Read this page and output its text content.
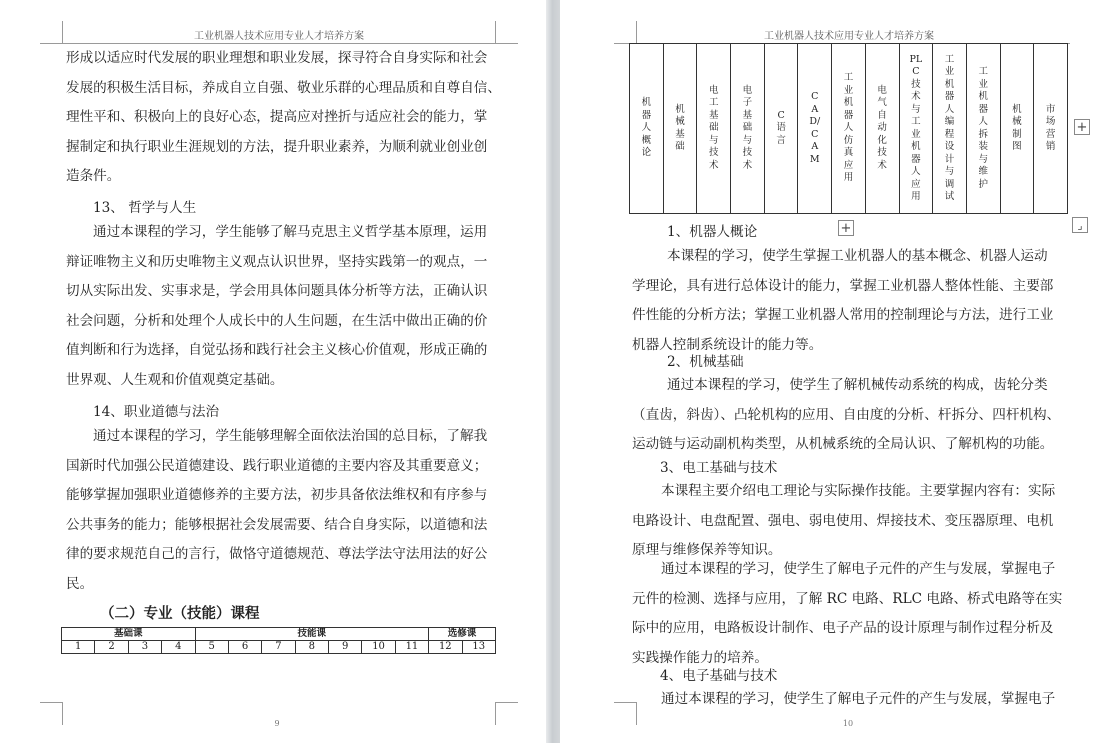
工业机器人技术应用专业人才培养方案
形成以适应时代发展的职业理想和职业发展，探寻符合自身实际和社会
发展的积极生活目标，养成自立自强、敬业乐群的心理品质和自尊自信、
理性平和、积极向上的良好心态，提高应对挫折与适应社会的能力，掌
握制定和执行职业生涯规划的方法，提升职业素养，为顺利就业创业创
造条件。
13、 哲学与人生
通过本课程的学习，学生能够了解马克思主义哲学基本原理，运用
辩证唯物主义和历史唯物主义观点认识世界，坚持实践第一的观点，一
切从实际出发、实事求是，学会用具体问题具体分析等方法，正确认识
社会问题，分析和处理个人成长中的人生问题，在生活中做出正确的价
值判断和行为选择，自觉弘扬和践行社会主义核心价值观，形成正确的
世界观、人生观和价值观奠定基础。
14、职业道德与法治
通过本课程的学习，学生能够理解全面依法治国的总目标，了解我
国新时代加强公民道德建设、践行职业道德的主要内容及其重要意义；
能够掌握加强职业道德修养的主要方法，初步具备依法维权和有序参与
公共事务的能力；能够根据社会发展需要、结合自身实际，以道德和法
律的要求规范自己的言行，做恪守道德规范、尊法学法守法用法的好公
民。
（二）专业（技能）课程
基础课				技能课							选修课	
1	2	3	4	5	6	7	8	9	10	11	12	13
9
工业机器人技术应用专业人才培养方案
1、机器人概论
本课程的学习，使学生掌握工业机器人的基本概念、机器人运动
学理论，具有进行总体设计的能力，掌握工业机器人整体性能、主要部
件性能的分析方法；掌握工业机器人常用的控制理论与方法，进行工业
机器人控制系统设计的能力等。
2、机械基础
通过本课程的学习，使学生了解机械传动系统的构成，齿轮分类
（直齿，斜齿）、凸轮机构的应用、自由度的分析、杆拆分、四杆机构、
运动链与运动副机构类型，从机械系统的全局认识、了解机构的功能。
3、电工基础与技术
本课程主要介绍电工理论与实际操作技能。主要掌握内容有：实际
电路设计、电盘配置、强电、弱电使用、焊接技术、变压器原理、电机
原理与维修保养等知识。
通过本课程的学习，使学生了解电子元件的产生与发展，掌握电子
元件的检测、选择与应用，了解 RC 电路、RLC 电路、桥式电路等在实
际中的应用，电路板设计制作、电子产品的设计原理与制作过程分析及
实践操作能力的培养。
4、电子基础与技术
通过本课程的学习，使学生了解电子元件的产生与发展，掌握电子
10
机器人概论	机械基础	电工基础与技术	电子基础与技术	C语言	CAD/CAM	工业机器人仿真应用	电气自动化技术	PLC技术与工业机器人应用	工业机器人编程设计与调试	工业机器人拆装与维护	机械制图	市场营销
+
+	⌟
